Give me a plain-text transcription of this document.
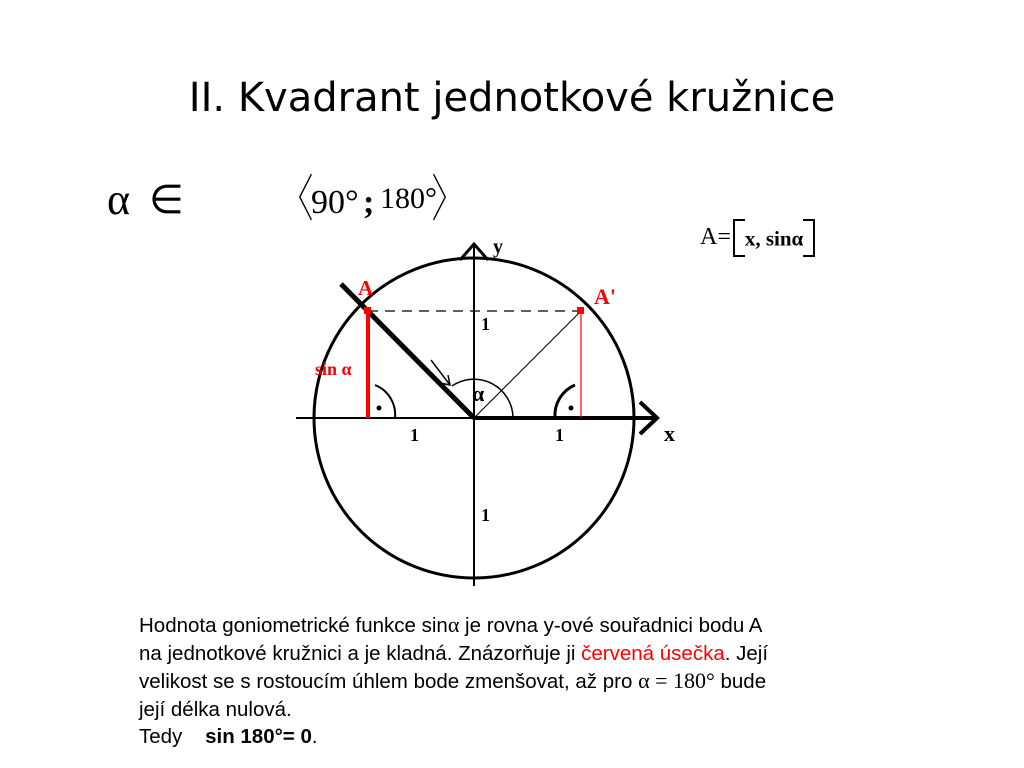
II. Kvadrant jednotkové kružnice
α ∈ 〈
90° ; 180°
〉
A= x, sinα
x
y
A	A'
sin α
α
1	1
1
1
Hodnota goniometrické funkce sinα je rovna y-ové souřadnici bodu A
na jednotkové kružnici a je kladná. Znázorňuje ji červená úsečka. Její
velikost se s rostoucím úhlem bode zmenšovat, až pro α = 180° bude
její délka nulová.
Tedy    sin 180°= 0.
